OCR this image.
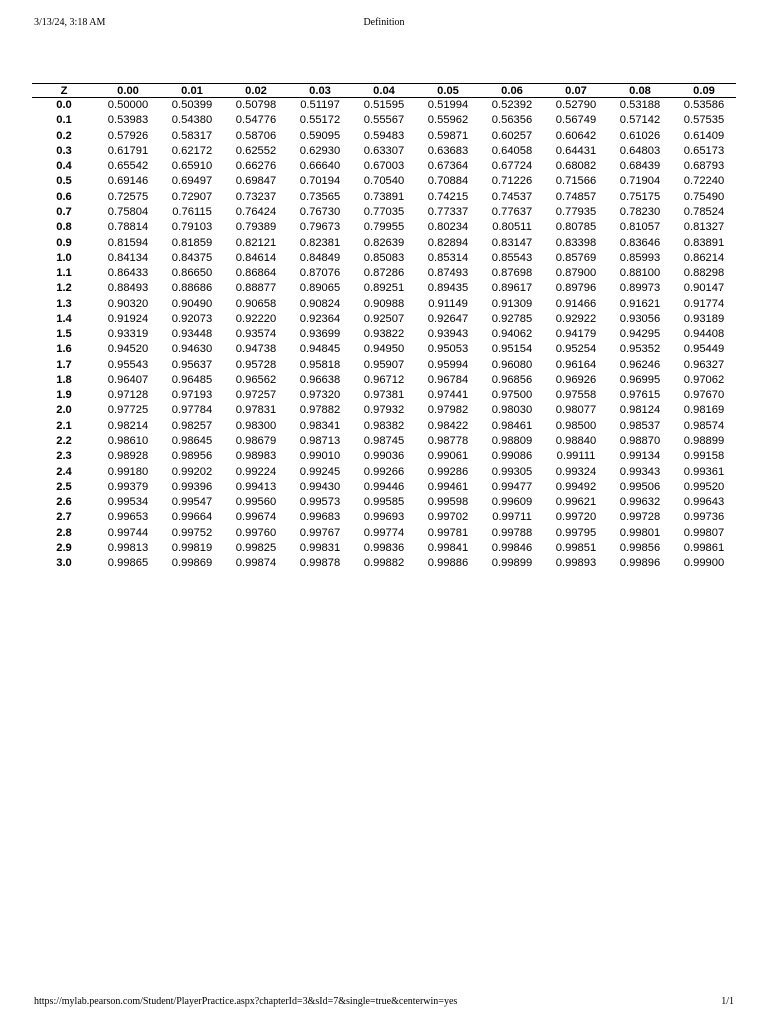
3/13/24, 3:18 AM	Definition
Z	0.00	0.01	0.02	0.03	0.04	0.05	0.06	0.07	0.08	0.09
0.0	0.50000	0.50399	0.50798	0.51197	0.51595	0.51994	0.52392	0.52790	0.53188	0.53586
0.1	0.53983	0.54380	0.54776	0.55172	0.55567	0.55962	0.56356	0.56749	0.57142	0.57535
0.2	0.57926	0.58317	0.58706	0.59095	0.59483	0.59871	0.60257	0.60642	0.61026	0.61409
0.3	0.61791	0.62172	0.62552	0.62930	0.63307	0.63683	0.64058	0.64431	0.64803	0.65173
0.4	0.65542	0.65910	0.66276	0.66640	0.67003	0.67364	0.67724	0.68082	0.68439	0.68793
0.5	0.69146	0.69497	0.69847	0.70194	0.70540	0.70884	0.71226	0.71566	0.71904	0.72240
0.6	0.72575	0.72907	0.73237	0.73565	0.73891	0.74215	0.74537	0.74857	0.75175	0.75490
0.7	0.75804	0.76115	0.76424	0.76730	0.77035	0.77337	0.77637	0.77935	0.78230	0.78524
0.8	0.78814	0.79103	0.79389	0.79673	0.79955	0.80234	0.80511	0.80785	0.81057	0.81327
0.9	0.81594	0.81859	0.82121	0.82381	0.82639	0.82894	0.83147	0.83398	0.83646	0.83891
1.0	0.84134	0.84375	0.84614	0.84849	0.85083	0.85314	0.85543	0.85769	0.85993	0.86214
1.1	0.86433	0.86650	0.86864	0.87076	0.87286	0.87493	0.87698	0.87900	0.88100	0.88298
1.2	0.88493	0.88686	0.88877	0.89065	0.89251	0.89435	0.89617	0.89796	0.89973	0.90147
1.3	0.90320	0.90490	0.90658	0.90824	0.90988	0.91149	0.91309	0.91466	0.91621	0.91774
1.4	0.91924	0.92073	0.92220	0.92364	0.92507	0.92647	0.92785	0.92922	0.93056	0.93189
1.5	0.93319	0.93448	0.93574	0.93699	0.93822	0.93943	0.94062	0.94179	0.94295	0.94408
1.6	0.94520	0.94630	0.94738	0.94845	0.94950	0.95053	0.95154	0.95254	0.95352	0.95449
1.7	0.95543	0.95637	0.95728	0.95818	0.95907	0.95994	0.96080	0.96164	0.96246	0.96327
1.8	0.96407	0.96485	0.96562	0.96638	0.96712	0.96784	0.96856	0.96926	0.96995	0.97062
1.9	0.97128	0.97193	0.97257	0.97320	0.97381	0.97441	0.97500	0.97558	0.97615	0.97670
2.0	0.97725	0.97784	0.97831	0.97882	0.97932	0.97982	0.98030	0.98077	0.98124	0.98169
2.1	0.98214	0.98257	0.98300	0.98341	0.98382	0.98422	0.98461	0.98500	0.98537	0.98574
2.2	0.98610	0.98645	0.98679	0.98713	0.98745	0.98778	0.98809	0.98840	0.98870	0.98899
2.3	0.98928	0.98956	0.98983	0.99010	0.99036	0.99061	0.99086	0.99111	0.99134	0.99158
2.4	0.99180	0.99202	0.99224	0.99245	0.99266	0.99286	0.99305	0.99324	0.99343	0.99361
2.5	0.99379	0.99396	0.99413	0.99430	0.99446	0.99461	0.99477	0.99492	0.99506	0.99520
2.6	0.99534	0.99547	0.99560	0.99573	0.99585	0.99598	0.99609	0.99621	0.99632	0.99643
2.7	0.99653	0.99664	0.99674	0.99683	0.99693	0.99702	0.99711	0.99720	0.99728	0.99736
2.8	0.99744	0.99752	0.99760	0.99767	0.99774	0.99781	0.99788	0.99795	0.99801	0.99807
2.9	0.99813	0.99819	0.99825	0.99831	0.99836	0.99841	0.99846	0.99851	0.99856	0.99861
3.0	0.99865	0.99869	0.99874	0.99878	0.99882	0.99886	0.99899	0.99893	0.99896	0.99900
https://mylab.pearson.com/Student/PlayerPractice.aspx?chapterId=3&sId=7&single=true&centerwin=yes	1/1
